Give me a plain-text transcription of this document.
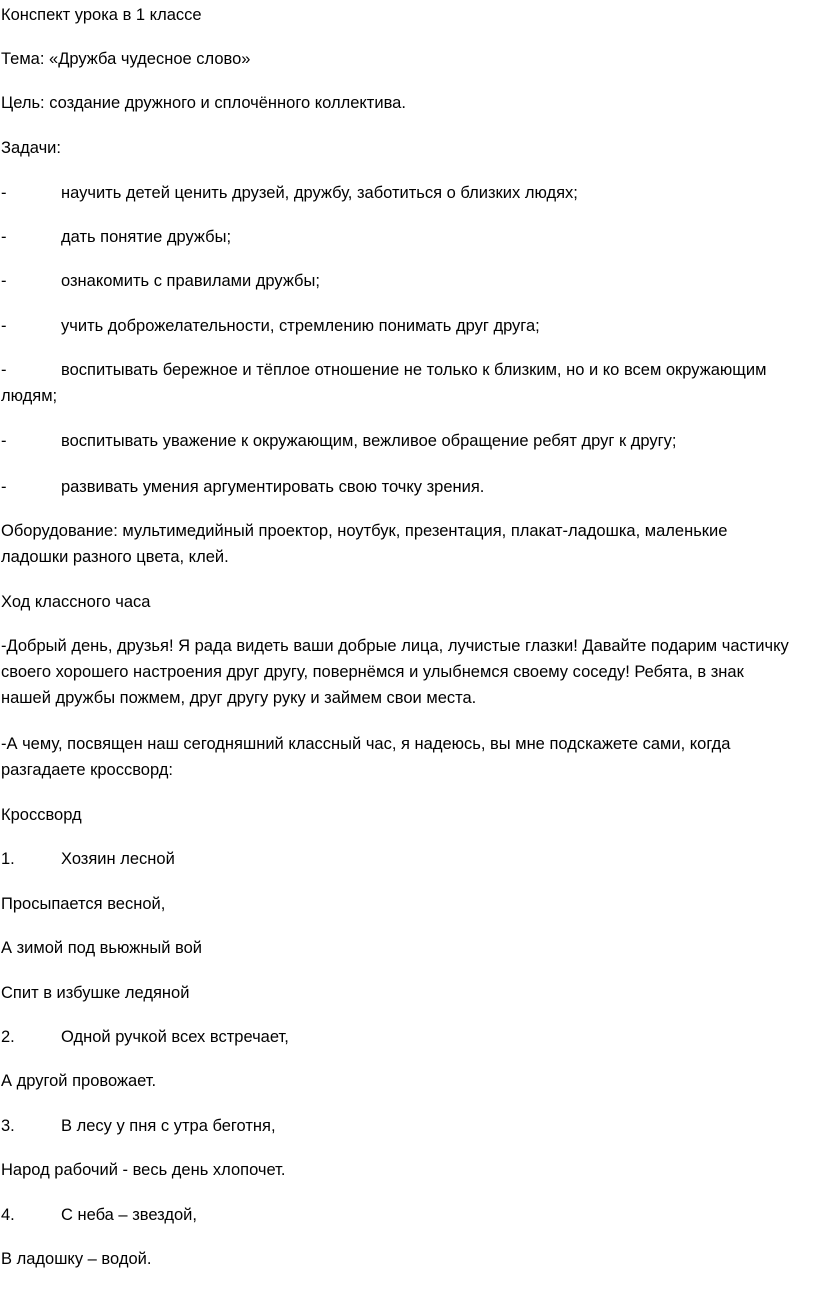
Конспект урока в 1 классе
Тема: «Дружба чудесное слово»
Цель: создание дружного и сплочённого коллектива.
Задачи:
-	научить детей ценить друзей, дружбу, заботиться о близких людях;
-	дать понятие дружбы;
-	ознакомить с правилами дружбы;
-	учить доброжелательности, стремлению понимать друг друга;
-	воспитывать бережное и тёплое отношение не только к близким, но и ко всем окружающим людям;
-	воспитывать уважение к окружающим, вежливое обращение ребят друг к другу;
-	развивать умения аргументировать свою точку зрения.

Оборудование: мультимедийный проектор, ноутбук, презентация, плакат-ладошка, маленькие ладошки разного цвета, клей.

Ход классного часа

-Добрый день, друзья! Я рада видеть ваши добрые лица, лучистые глазки! Давайте подарим частичку своего хорошего настроения друг другу, повернёмся и улыбнемся своему соседу! Ребята, в знак нашей дружбы пожмем, друг другу руку и займем свои места.

-А чему, посвящен наш сегодняшний классный час, я надеюсь, вы мне подскажете сами, когда разгадаете кроссворд:

Кроссворд
1.	Хозяин лесной
Просыпается весной,
А зимой под вьюжный вой
Спит в избушке ледяной
2.	Одной ручкой всех встречает,
А другой провожает.
3.	В лесу у пня с утра беготня,
Народ рабочий - весь день хлопочет.
4.	С неба – звездой,
В ладошку – водой.
